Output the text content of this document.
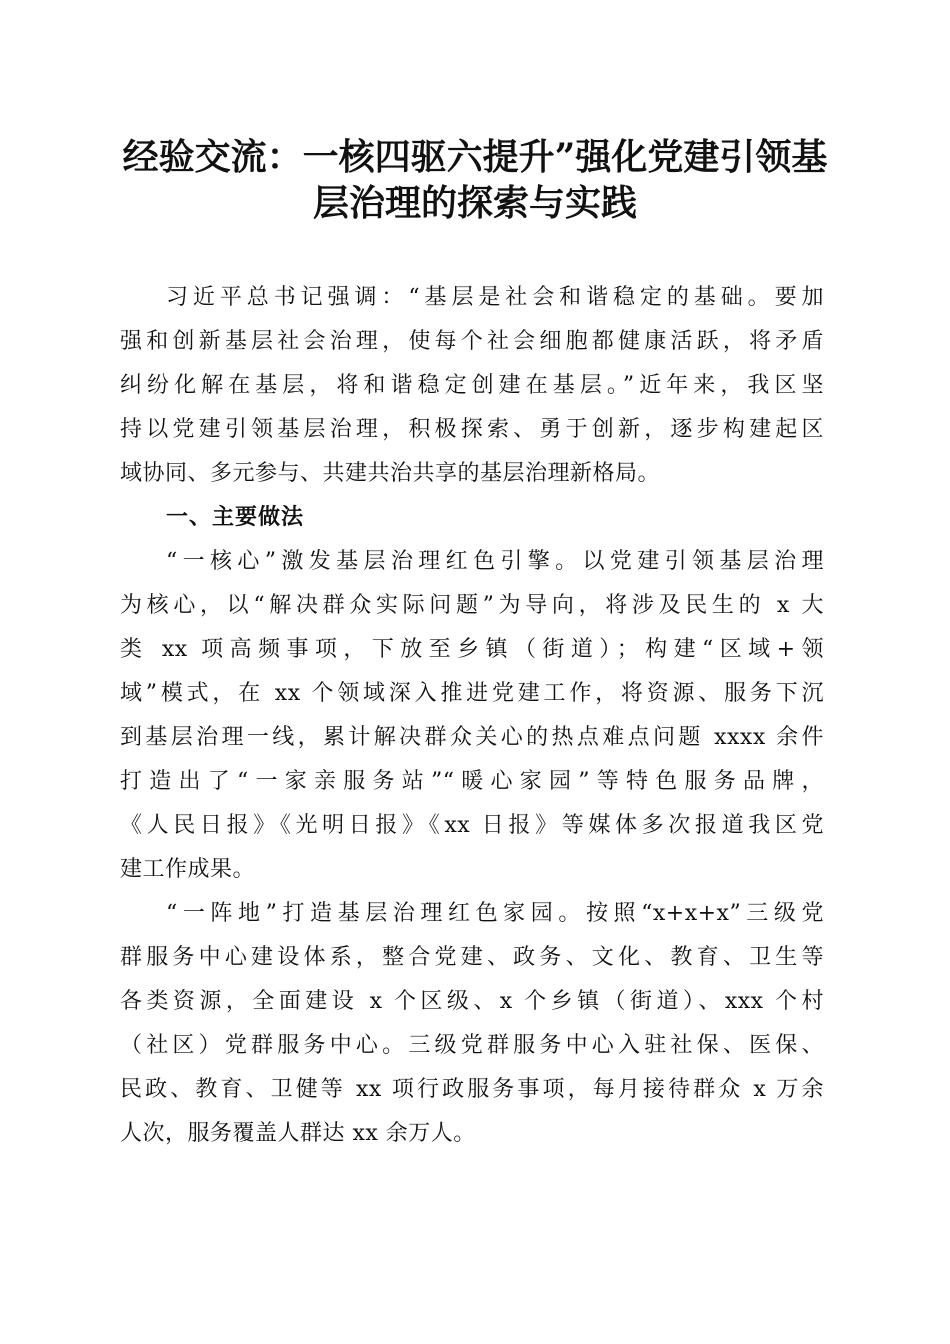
经验交流：一核四驱六提升”强化党建引领基
层治理的探索与实践
习近平总书记强调：“基层是社会和谐稳定的基础。要加
强和创新基层社会治理，使每个社会细胞都健康活跃，将矛盾
纠纷化解在基层，将和谐稳定创建在基层。”近年来，我区坚
持以党建引领基层治理，积极探索、勇于创新，逐步构建起区
域协同、多元参与、共建共治共享的基层治理新格局。
一、主要做法
“一核心”激发基层治理红色引擎。以党建引领基层治理
为核心，以“解决群众实际问题”为导向，将涉及民生的 x 大
类 xx 项高频事项，下放至乡镇（街道）；构建“区域+领
域”模式，在 xx 个领域深入推进党建工作，将资源、服务下沉
到基层治理一线，累计解决群众关心的热点难点问题 xxxx 余件
打造出了“一家亲服务站”“暖心家园”等特色服务品牌，
《人民日报》《光明日报》《xx 日报》等媒体多次报道我区党
建工作成果。
“一阵地”打造基层治理红色家园。按照“x+x+x”三级党
群服务中心建设体系，整合党建、政务、文化、教育、卫生等
各类资源，全面建设 x 个区级、x 个乡镇（街道）、xxx 个村
（社区）党群服务中心。三级党群服务中心入驻社保、医保、
民政、教育、卫健等 xx 项行政服务事项，每月接待群众 x 万余
人次，服务覆盖人群达 xx 余万人。
